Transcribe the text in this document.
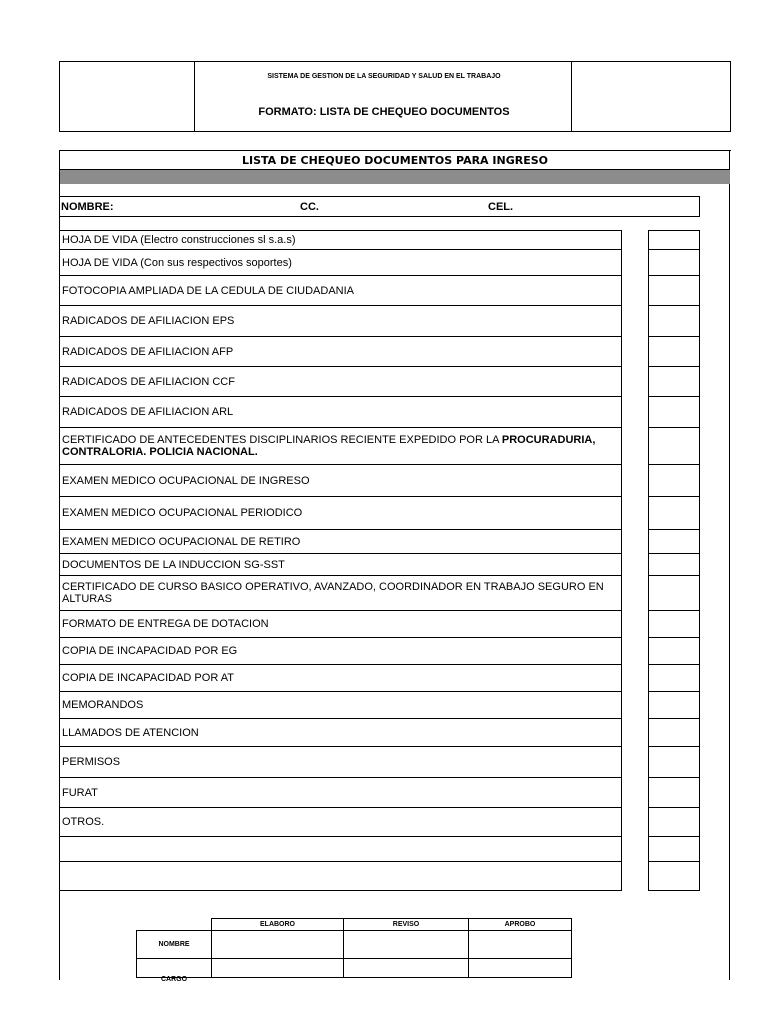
SISTEMA DE GESTION DE LA SEGURIDAD Y SALUD EN EL TRABAJO
FORMATO: LISTA DE CHEQUEO DOCUMENTOS
LISTA DE CHEQUEO DOCUMENTOS PARA INGRESO
NOMBRE:	CC.	CEL.
HOJA DE VIDA (Electro construcciones sl s.a.s)
HOJA DE VIDA (Con sus respectivos soportes)
FOTOCOPIA AMPLIADA DE LA CEDULA DE CIUDADANIA
RADICADOS DE AFILIACION EPS
RADICADOS DE AFILIACION AFP
RADICADOS DE AFILIACION CCF
RADICADOS DE AFILIACION ARL
CERTIFICADO DE ANTECEDENTES DISCIPLINARIOS RECIENTE EXPEDIDO POR LA PROCURADURIA, CONTRALORIA. POLICIA NACIONAL.
EXAMEN MEDICO OCUPACIONAL DE INGRESO
EXAMEN MEDICO OCUPACIONAL PERIODICO
EXAMEN MEDICO OCUPACIONAL DE RETIRO
DOCUMENTOS DE LA INDUCCION SG-SST
CERTIFICADO DE CURSO BASICO OPERATIVO, AVANZADO, COORDINADOR EN TRABAJO SEGURO EN ALTURAS
FORMATO DE ENTREGA DE DOTACION
COPIA DE INCAPACIDAD POR EG
COPIA DE INCAPACIDAD POR AT
MEMORANDOS
LLAMADOS DE ATENCION
PERMISOS
FURAT
OTROS.
ELABORO	REVISO	APROBO
NOMBRE
CARGO
